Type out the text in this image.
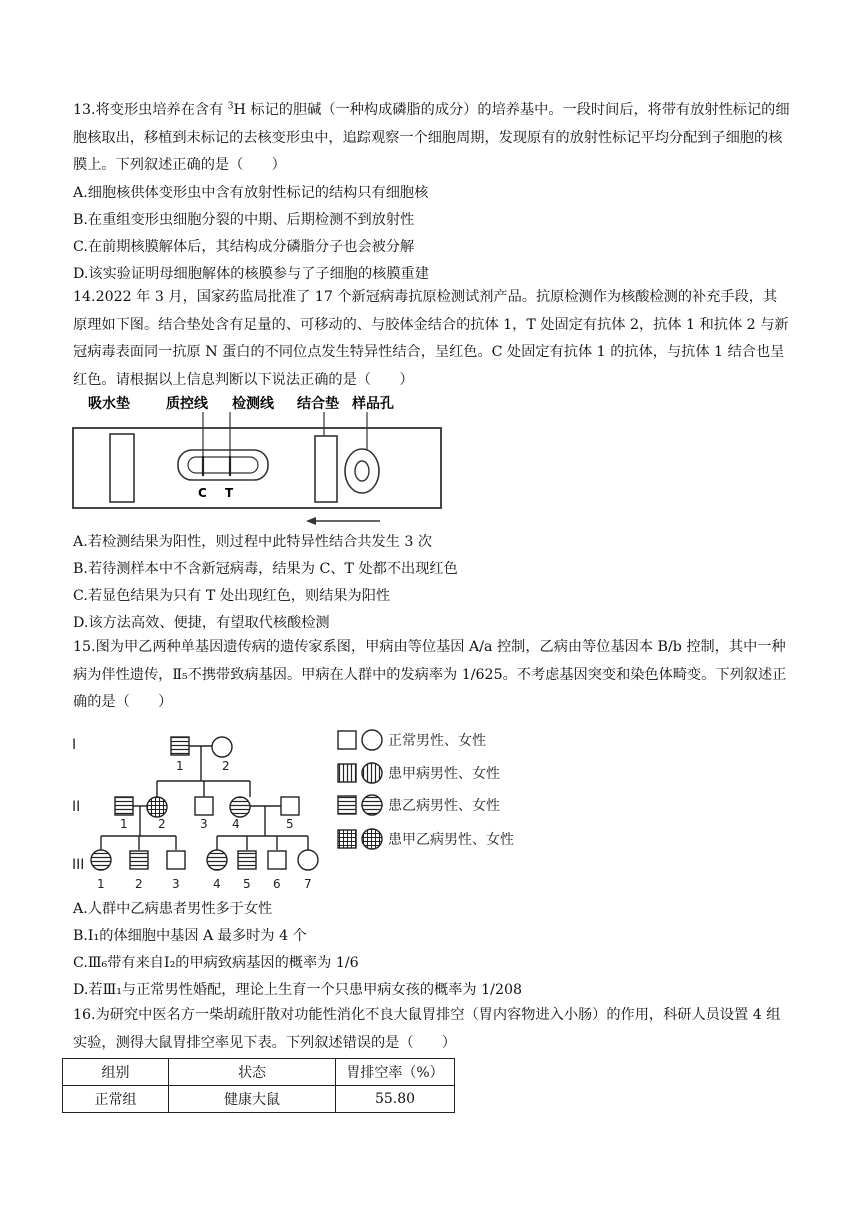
13.将变形虫培养在含有 $^3$H 标记的胆碱（一种构成磷脂的成分）的培养基中。一段时间后，将带有放射性标记的细胞核取出，移植到未标记的去核变形虫中，追踪观察一个细胞周期，发现原有的放射性标记平均分配到子细胞的核膜上。下列叙述正确的是（　　）

A.细胞核供体变形虫中含有放射性标记的结构只有细胞核

B.在重组变形虫细胞分裂的中期、后期检测不到放射性

C.在前期核膜解体后，其结构成分磷脂分子也会被分解

D.该实验证明母细胞解体的核膜参与了子细胞的核膜重建

14.2022 年 3 月，国家药监局批准了 17 个新冠病毒抗原检测试剂产品。抗原检测作为核酸检测的补充手段，其原理如下图。结合垫处含有足量的、可移动的、与胶体金结合的抗体 1，T 处固定有抗体 2，抗体 1 和抗体 2 与新冠病毒表面同一抗原 N 蛋白的不同位点发生特异性结合，呈红色。C 处固定有抗体 1 的抗体，与抗体 1 结合也呈红色。请根据以上信息判断以下说法正确的是（　　）

吸水垫	质控线 检测线 结合垫 样品孔
C T

A.若检测结果为阳性，则过程中此特异性结合共发生 3 次

B.若待测样本中不含新冠病毒，结果为 C、T 处都不出现红色

C.若显色结果为只有 T 处出现红色，则结果为阳性

D.该方法高效、便捷，有望取代核酸检测

15.图为甲乙两种单基因遗传病的遗传家系图，甲病由等位基因 A/a 控制，乙病由等位基因本 B/b 控制，其中一种病为伴性遗传，Ⅱ₅不携带致病基因。甲病在人群中的发病率为 1/625。不考虑基因突变和染色体畸变。下列叙述正确的是（　　）

I
II
III
1	2
1	2	3 4	5
1	2 3	4 5 6 7
正常男性、女性
患甲病男性、女性
患乙病男性、女性
患甲乙病男性、女性

A.人群中乙病患者男性多于女性

B.Ⅰ₁的体细胞中基因 A 最多时为 4 个

C.Ⅲ₆带有来自Ⅰ₂的甲病致病基因的概率为 1/6

D.若Ⅲ₁与正常男性婚配，理论上生育一个只患甲病女孩的概率为 1/208

16.为研究中医名方一柴胡疏肝散对功能性消化不良大鼠胃排空（胃内容物进入小肠）的作用，科研人员设置 4 组实验，测得大鼠胃排空率见下表。下列叙述错误的是（　　）

组别	状态	胃排空率（%）
正常组	健康大鼠	55.80
